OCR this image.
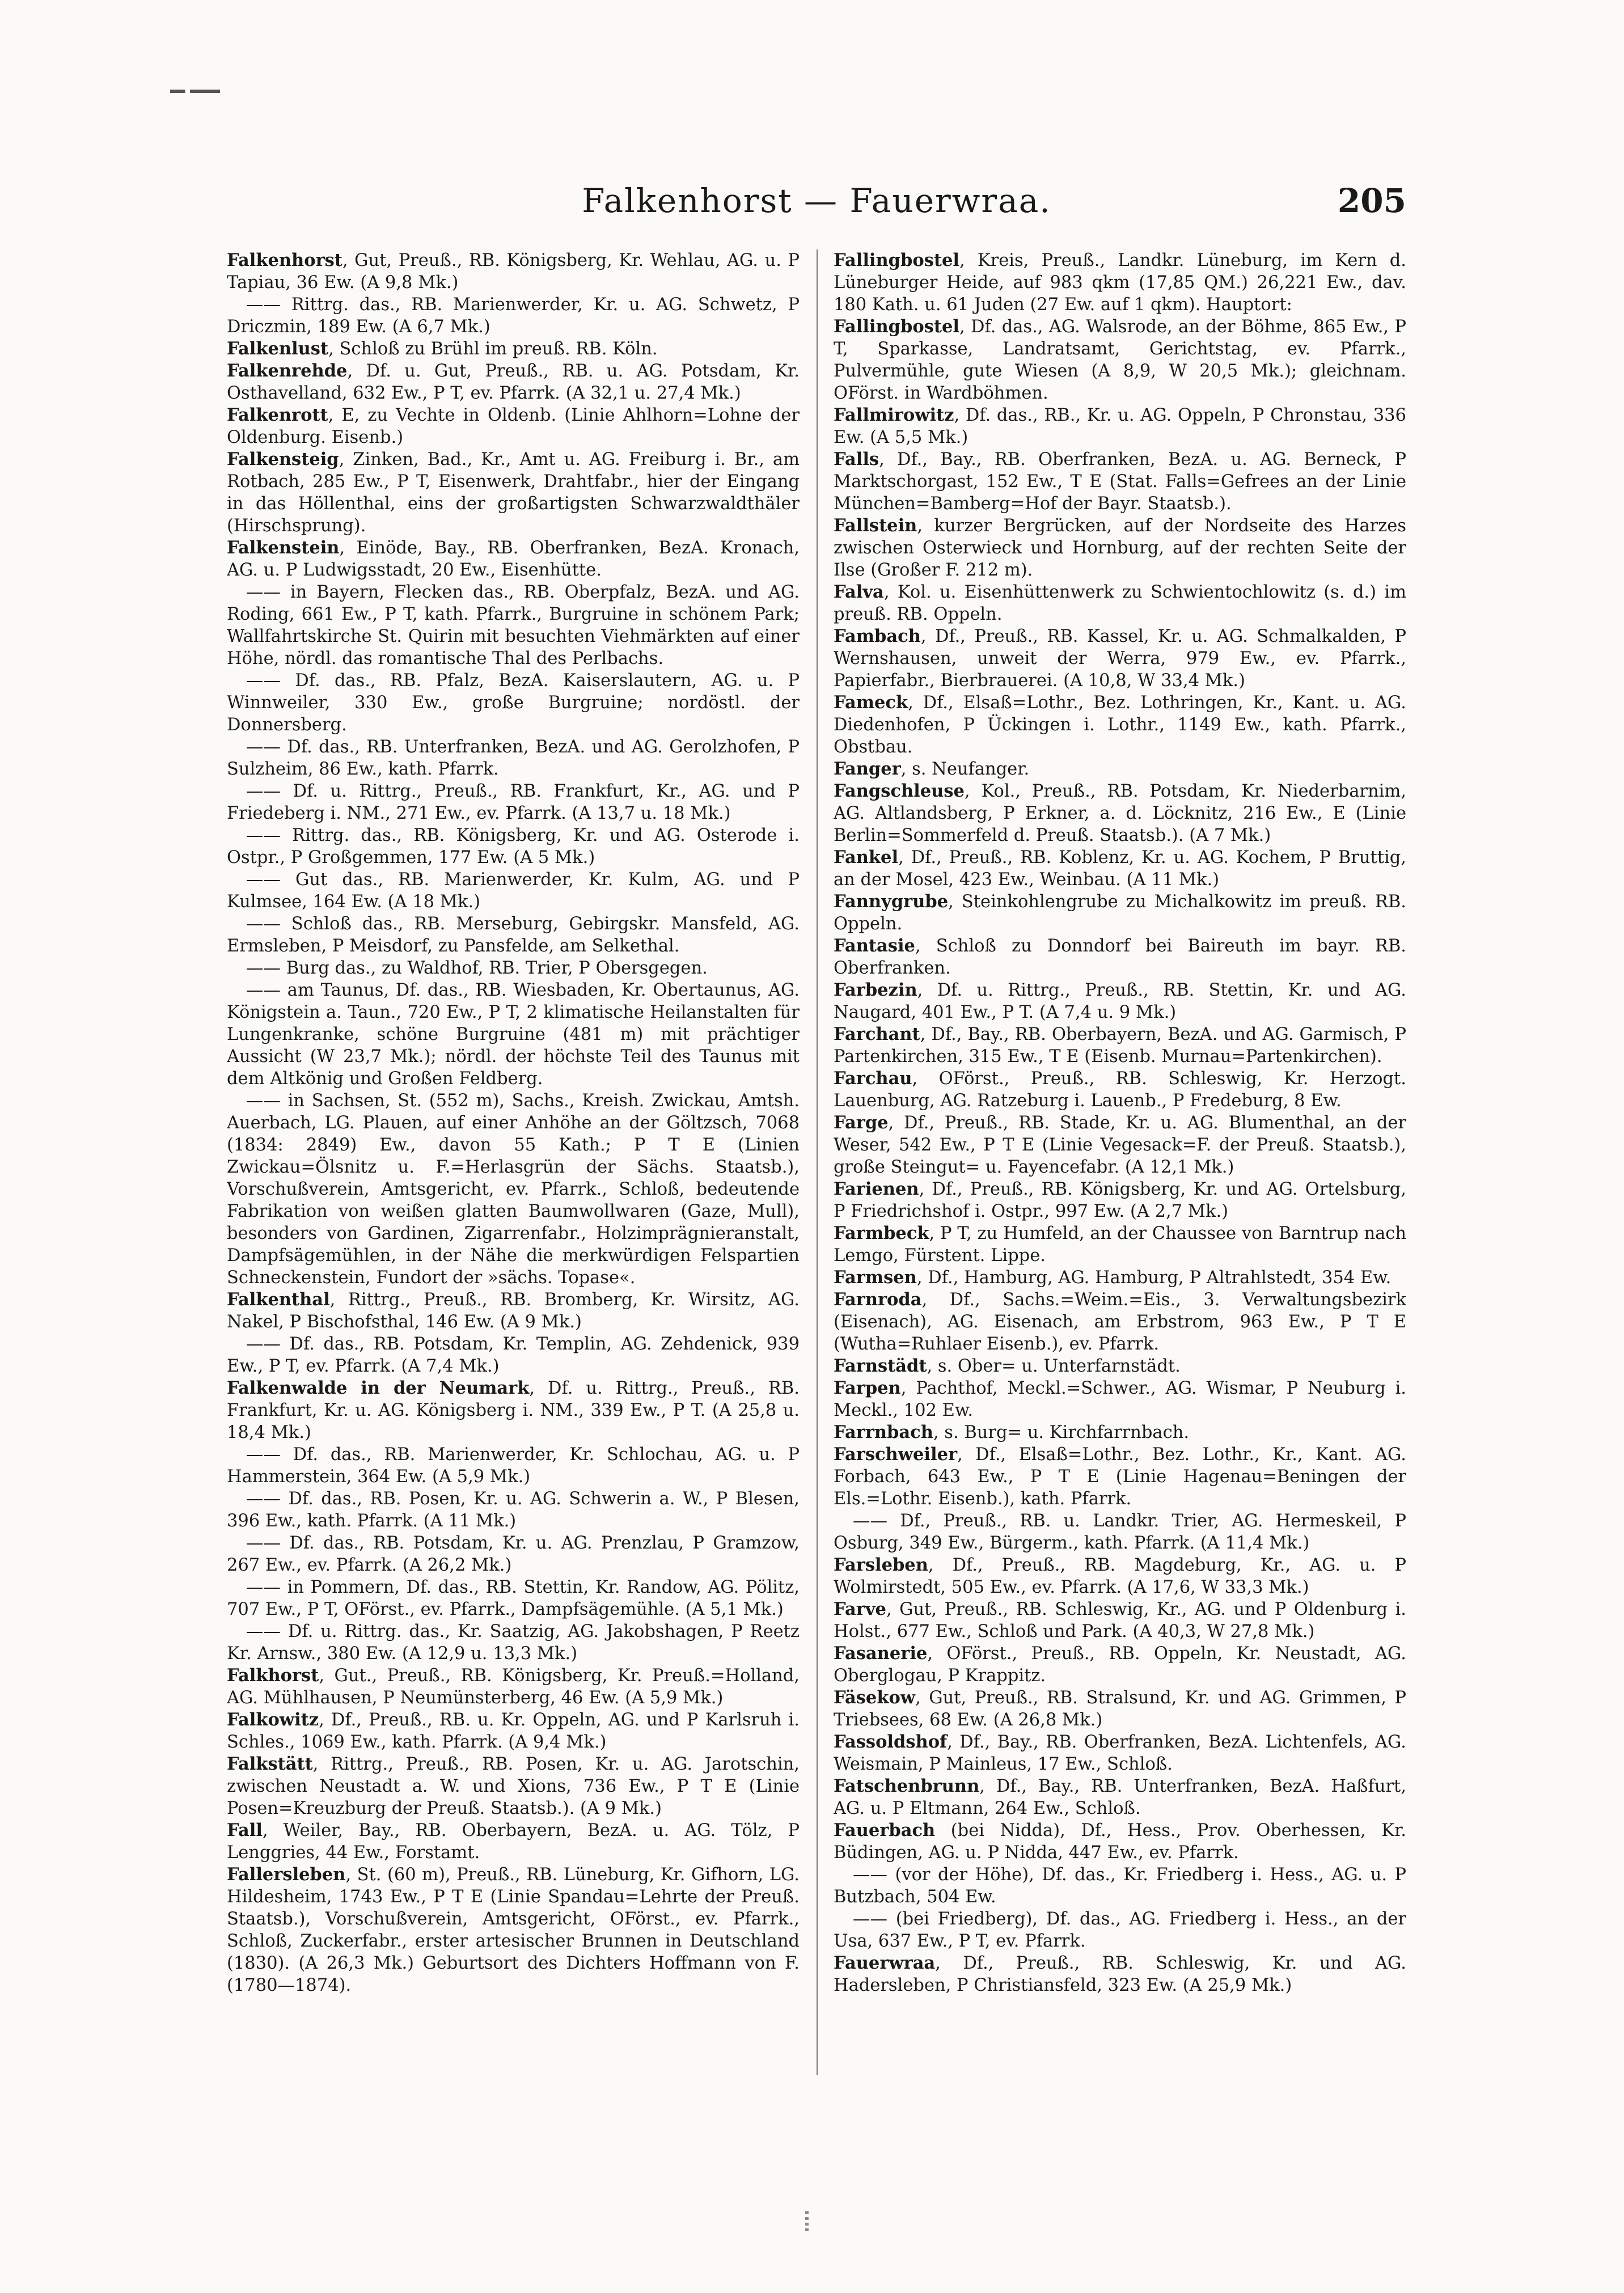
Falkenhorst — Fauerwraa.	205

Falkenhorst, Gut, Preuß., RB. Königsberg, Kr. Wehlau, AG. u. P Tapiau, 36 Ew. (A 9,8 Mk.)

—— Rittrg. das., RB. Marienwerder, Kr. u. AG. Schwetz, P Driczmin, 189 Ew. (A 6,7 Mk.)

Falkenlust, Schloß zu Brühl im preuß. RB. Köln.

Falkenrehde, Df. u. Gut, Preuß., RB. u. AG. Potsdam, Kr. Osthavelland, 632 Ew., P T, ev. Pfarrk. (A 32,1 u. 27,4 Mk.)

Falkenrott, E, zu Vechte in Oldenb. (Linie Ahlhorn=Lohne der Oldenburg. Eisenb.)

Falkensteig, Zinken, Bad., Kr., Amt u. AG. Freiburg i. Br., am Rotbach, 285 Ew., P T, Eisenwerk, Drahtfabr., hier der Eingang in das Höllenthal, eins der großartigsten Schwarzwaldthäler (Hirschsprung).

Falkenstein, Einöde, Bay., RB. Oberfranken, BezA. Kronach, AG. u. P Ludwigsstadt, 20 Ew., Eisenhütte.

—— in Bayern, Flecken das., RB. Oberpfalz, BezA. und AG. Roding, 661 Ew., P T, kath. Pfarrk., Burgruine in schönem Park; Wallfahrtskirche St. Quirin mit besuchten Viehmärkten auf einer Höhe, nördl. das romantische Thal des Perlbachs.

—— Df. das., RB. Pfalz, BezA. Kaiserslautern, AG. u. P Winnweiler, 330 Ew., große Burgruine; nordöstl. der Donnersberg.

—— Df. das., RB. Unterfranken, BezA. und AG. Gerolzhofen, P Sulzheim, 86 Ew., kath. Pfarrk.

—— Df. u. Rittrg., Preuß., RB. Frankfurt, Kr., AG. und P Friedeberg i. NM., 271 Ew., ev. Pfarrk. (A 13,7 u. 18 Mk.)

—— Rittrg. das., RB. Königsberg, Kr. und AG. Osterode i. Ostpr., P Großgemmen, 177 Ew. (A 5 Mk.)

—— Gut das., RB. Marienwerder, Kr. Kulm, AG. und P Kulmsee, 164 Ew. (A 18 Mk.)

—— Schloß das., RB. Merseburg, Gebirgskr. Mansfeld, AG. Ermsleben, P Meisdorf, zu Pansfelde, am Selkethal.

—— Burg das., zu Waldhof, RB. Trier, P Obersgegen.

—— am Taunus, Df. das., RB. Wiesbaden, Kr. Obertaunus, AG. Königstein a. Taun., 720 Ew., P T, 2 klimatische Heilanstalten für Lungenkranke, schöne Burgruine (481 m) mit prächtiger Aussicht (W 23,7 Mk.); nördl. der höchste Teil des Taunus mit dem Altkönig und Großen Feldberg.

—— in Sachsen, St. (552 m), Sachs., Kreish. Zwickau, Amtsh. Auerbach, LG. Plauen, auf einer Anhöhe an der Göltzsch, 7068 (1834: 2849) Ew., davon 55 Kath.; P T E (Linien Zwickau=Ölsnitz u. F.=Herlasgrün der Sächs. Staatsb.), Vorschußverein, Amtsgericht, ev. Pfarrk., Schloß, bedeutende Fabrikation von weißen glatten Baumwollwaren (Gaze, Mull), besonders von Gardinen, Zigarrenfabr., Holzimprägnieranstalt, Dampfsägemühlen, in der Nähe die merkwürdigen Felspartien Schneckenstein, Fundort der »sächs. Topase«.

Falkenthal, Rittrg., Preuß., RB. Bromberg, Kr. Wirsitz, AG. Nakel, P Bischofsthal, 146 Ew. (A 9 Mk.)

—— Df. das., RB. Potsdam, Kr. Templin, AG. Zehdenick, 939 Ew., P T, ev. Pfarrk. (A 7,4 Mk.)

Falkenwalde in der Neumark, Df. u. Rittrg., Preuß., RB. Frankfurt, Kr. u. AG. Königsberg i. NM., 339 Ew., P T. (A 25,8 u. 18,4 Mk.)

—— Df. das., RB. Marienwerder, Kr. Schlochau, AG. u. P Hammerstein, 364 Ew. (A 5,9 Mk.)

—— Df. das., RB. Posen, Kr. u. AG. Schwerin a. W., P Blesen, 396 Ew., kath. Pfarrk. (A 11 Mk.)

—— Df. das., RB. Potsdam, Kr. u. AG. Prenzlau, P Gramzow, 267 Ew., ev. Pfarrk. (A 26,2 Mk.)

—— in Pommern, Df. das., RB. Stettin, Kr. Randow, AG. Pölitz, 707 Ew., P T, OFörst., ev. Pfarrk., Dampfsägemühle. (A 5,1 Mk.)

—— Df. u. Rittrg. das., Kr. Saatzig, AG. Jakobshagen, P Reetz Kr. Arnsw., 380 Ew. (A 12,9 u. 13,3 Mk.)

Falkhorst, Gut., Preuß., RB. Königsberg, Kr. Preuß.=Holland, AG. Mühlhausen, P Neumünsterberg, 46 Ew. (A 5,9 Mk.)

Falkowitz, Df., Preuß., RB. u. Kr. Oppeln, AG. und P Karlsruh i. Schles., 1069 Ew., kath. Pfarrk. (A 9,4 Mk.)

Falkstätt, Rittrg., Preuß., RB. Posen, Kr. u. AG. Jarotschin, zwischen Neustadt a. W. und Xions, 736 Ew., P T E (Linie Posen=Kreuzburg der Preuß. Staatsb.). (A 9 Mk.)

Fall, Weiler, Bay., RB. Oberbayern, BezA. u. AG. Tölz, P Lenggries, 44 Ew., Forstamt.

Fallersleben, St. (60 m), Preuß., RB. Lüneburg, Kr. Gifhorn, LG. Hildesheim, 1743 Ew., P T E (Linie Spandau=Lehrte der Preuß. Staatsb.), Vorschußverein, Amtsgericht, OFörst., ev. Pfarrk., Schloß, Zuckerfabr., erster artesischer Brunnen in Deutschland (1830). (A 26,3 Mk.) Geburtsort des Dichters Hoffmann von F. (1780—1874).

Fallingbostel, Kreis, Preuß., Landkr. Lüneburg, im Kern d. Lüneburger Heide, auf 983 qkm (17,85 QM.) 26,221 Ew., dav. 180 Kath. u. 61 Juden (27 Ew. auf 1 qkm). Hauptort:

Fallingbostel, Df. das., AG. Walsrode, an der Böhme, 865 Ew., P T, Sparkasse, Landratsamt, Gerichtstag, ev. Pfarrk., Pulvermühle, gute Wiesen (A 8,9, W 20,5 Mk.); gleichnam. OFörst. in Wardböhmen.

Fallmirowitz, Df. das., RB., Kr. u. AG. Oppeln, P Chronstau, 336 Ew. (A 5,5 Mk.)

Falls, Df., Bay., RB. Oberfranken, BezA. u. AG. Berneck, P Marktschorgast, 152 Ew., T E (Stat. Falls=Gefrees an der Linie München=Bamberg=Hof der Bayr. Staatsb.).

Fallstein, kurzer Bergrücken, auf der Nordseite des Harzes zwischen Osterwieck und Hornburg, auf der rechten Seite der Ilse (Großer F. 212 m).

Falva, Kol. u. Eisenhüttenwerk zu Schwientochlowitz (s. d.) im preuß. RB. Oppeln.

Fambach, Df., Preuß., RB. Kassel, Kr. u. AG. Schmalkalden, P Wernshausen, unweit der Werra, 979 Ew., ev. Pfarrk., Papierfabr., Bierbrauerei. (A 10,8, W 33,4 Mk.)

Fameck, Df., Elsaß=Lothr., Bez. Lothringen, Kr., Kant. u. AG. Diedenhofen, P Ückingen i. Lothr., 1149 Ew., kath. Pfarrk., Obstbau.

Fanger, s. Neufanger.

Fangschleuse, Kol., Preuß., RB. Potsdam, Kr. Niederbarnim, AG. Altlandsberg, P Erkner, a. d. Löcknitz, 216 Ew., E (Linie Berlin=Sommerfeld d. Preuß. Staatsb.). (A 7 Mk.)

Fankel, Df., Preuß., RB. Koblenz, Kr. u. AG. Kochem, P Bruttig, an der Mosel, 423 Ew., Weinbau. (A 11 Mk.)

Fannygrube, Steinkohlengrube zu Michalkowitz im preuß. RB. Oppeln.

Fantasie, Schloß zu Donndorf bei Baireuth im bayr. RB. Oberfranken.

Farbezin, Df. u. Rittrg., Preuß., RB. Stettin, Kr. und AG. Naugard, 401 Ew., P T. (A 7,4 u. 9 Mk.)

Farchant, Df., Bay., RB. Oberbayern, BezA. und AG. Garmisch, P Partenkirchen, 315 Ew., T E (Eisenb. Murnau=Partenkirchen).

Farchau, OFörst., Preuß., RB. Schleswig, Kr. Herzogt. Lauenburg, AG. Ratzeburg i. Lauenb., P Fredeburg, 8 Ew.

Farge, Df., Preuß., RB. Stade, Kr. u. AG. Blumenthal, an der Weser, 542 Ew., P T E (Linie Vegesack=F. der Preuß. Staatsb.), große Steingut= u. Fayencefabr. (A 12,1 Mk.)

Farienen, Df., Preuß., RB. Königsberg, Kr. und AG. Ortelsburg, P Friedrichshof i. Ostpr., 997 Ew. (A 2,7 Mk.)

Farmbeck, P T, zu Humfeld, an der Chaussee von Barntrup nach Lemgo, Fürstent. Lippe.

Farmsen, Df., Hamburg, AG. Hamburg, P Altrahlstedt, 354 Ew.

Farnroda, Df., Sachs.=Weim.=Eis., 3. Verwaltungsbezirk (Eisenach), AG. Eisenach, am Erbstrom, 963 Ew., P T E (Wutha=Ruhlaer Eisenb.), ev. Pfarrk.

Farnstädt, s. Ober= u. Unterfarnstädt.

Farpen, Pachthof, Meckl.=Schwer., AG. Wismar, P Neuburg i. Meckl., 102 Ew.

Farrnbach, s. Burg= u. Kirchfarrnbach.

Farschweiler, Df., Elsaß=Lothr., Bez. Lothr., Kr., Kant. AG. Forbach, 643 Ew., P T E (Linie Hagenau=Beningen der Els.=Lothr. Eisenb.), kath. Pfarrk.

—— Df., Preuß., RB. u. Landkr. Trier, AG. Hermeskeil, P Osburg, 349 Ew., Bürgerm., kath. Pfarrk. (A 11,4 Mk.)

Farsleben, Df., Preuß., RB. Magdeburg, Kr., AG. u. P Wolmirstedt, 505 Ew., ev. Pfarrk. (A 17,6, W 33,3 Mk.)

Farve, Gut, Preuß., RB. Schleswig, Kr., AG. und P Oldenburg i. Holst., 677 Ew., Schloß und Park. (A 40,3, W 27,8 Mk.)

Fasanerie, OFörst., Preuß., RB. Oppeln, Kr. Neustadt, AG. Oberglogau, P Krappitz.

Fäsekow, Gut, Preuß., RB. Stralsund, Kr. und AG. Grimmen, P Triebsees, 68 Ew. (A 26,8 Mk.)

Fassoldshof, Df., Bay., RB. Oberfranken, BezA. Lichtenfels, AG. Weismain, P Mainleus, 17 Ew., Schloß.

Fatschenbrunn, Df., Bay., RB. Unterfranken, BezA. Haßfurt, AG. u. P Eltmann, 264 Ew., Schloß.

Fauerbach (bei Nidda), Df., Hess., Prov. Oberhessen, Kr. Büdingen, AG. u. P Nidda, 447 Ew., ev. Pfarrk.

—— (vor der Höhe), Df. das., Kr. Friedberg i. Hess., AG. u. P Butzbach, 504 Ew.

—— (bei Friedberg), Df. das., AG. Friedberg i. Hess., an der Usa, 637 Ew., P T, ev. Pfarrk.

Fauerwraa, Df., Preuß., RB. Schleswig, Kr. und AG. Hadersleben, P Christiansfeld, 323 Ew. (A 25,9 Mk.)
